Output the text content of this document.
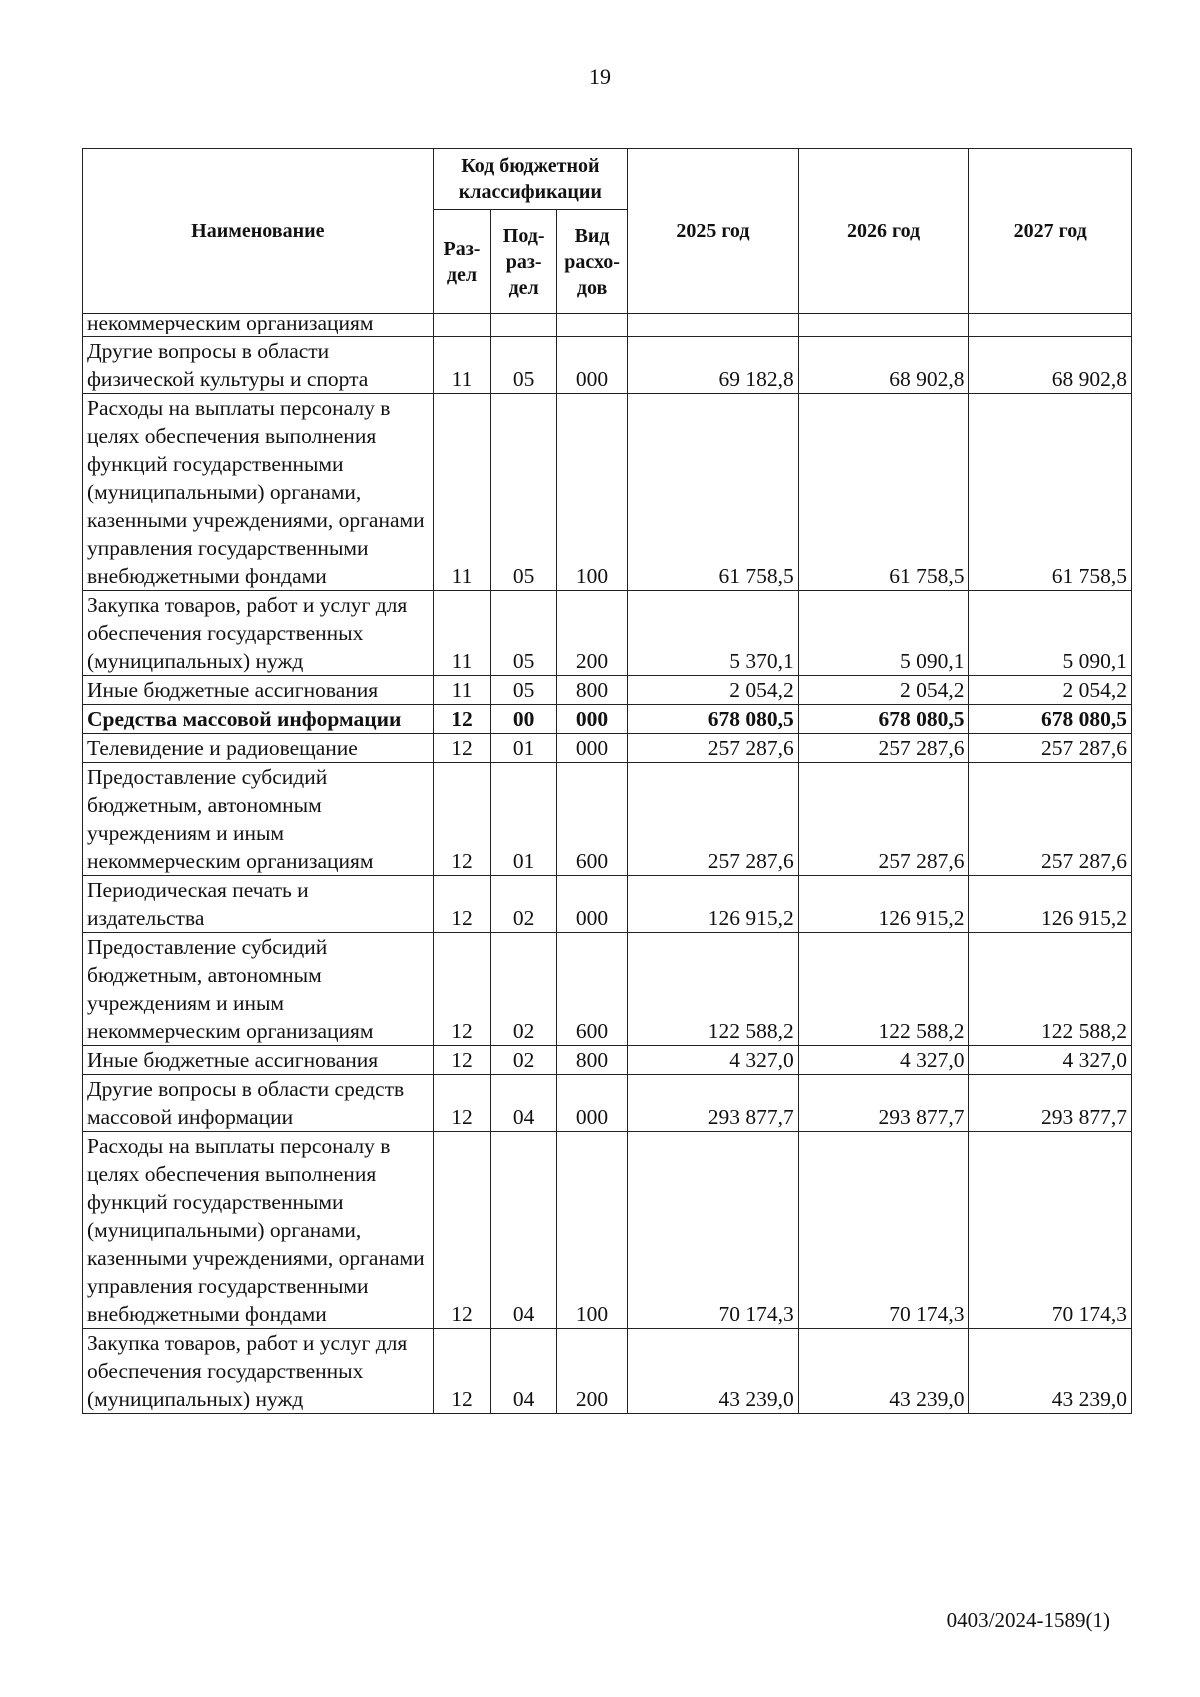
19
Наименование	Код бюджетной классификации			2025 год	2026 год	2027 год
	Раз- дел	Под- раз- дел	Вид расхо- дов			

некоммерческим организациям						

Другие вопросы в области физической культуры и спорта	11	05	000	69 182,8	68 902,8	68 902,8
Расходы на выплаты персоналу в целях обеспечения выполнения функций государственными (муниципальными) органами, казенными учреждениями, органами управления государственными внебюджетными фондами	11	05	100	61 758,5	61 758,5	61 758,5
Закупка товаров, работ и услуг для обеспечения государственных (муниципальных) нужд	11	05	200	5 370,1	5 090,1	5 090,1
Иные бюджетные ассигнования	11	05	800	2 054,2	2 054,2	2 054,2
Средства массовой информации	12	00	000	678 080,5	678 080,5	678 080,5
Телевидение и радиовещание	12	01	000	257 287,6	257 287,6	257 287,6
Предоставление субсидий бюджетным, автономным учреждениям и иным некоммерческим организациям	12	01	600	257 287,6	257 287,6	257 287,6
Периодическая печать и издательства	12	02	000	126 915,2	126 915,2	126 915,2
Предоставление субсидий бюджетным, автономным учреждениям и иным некоммерческим организациям	12	02	600	122 588,2	122 588,2	122 588,2
Иные бюджетные ассигнования	12	02	800	4 327,0	4 327,0	4 327,0
Другие вопросы в области средств массовой информации	12	04	000	293 877,7	293 877,7	293 877,7
Расходы на выплаты персоналу в целях обеспечения выполнения функций государственными (муниципальными) органами, казенными учреждениями, органами управления государственными внебюджетными фондами	12	04	100	70 174,3	70 174,3	70 174,3
Закупка товаров, работ и услуг для обеспечения государственных (муниципальных) нужд	12	04	200	43 239,0	43 239,0	43 239,0
0403/2024-1589(1)
